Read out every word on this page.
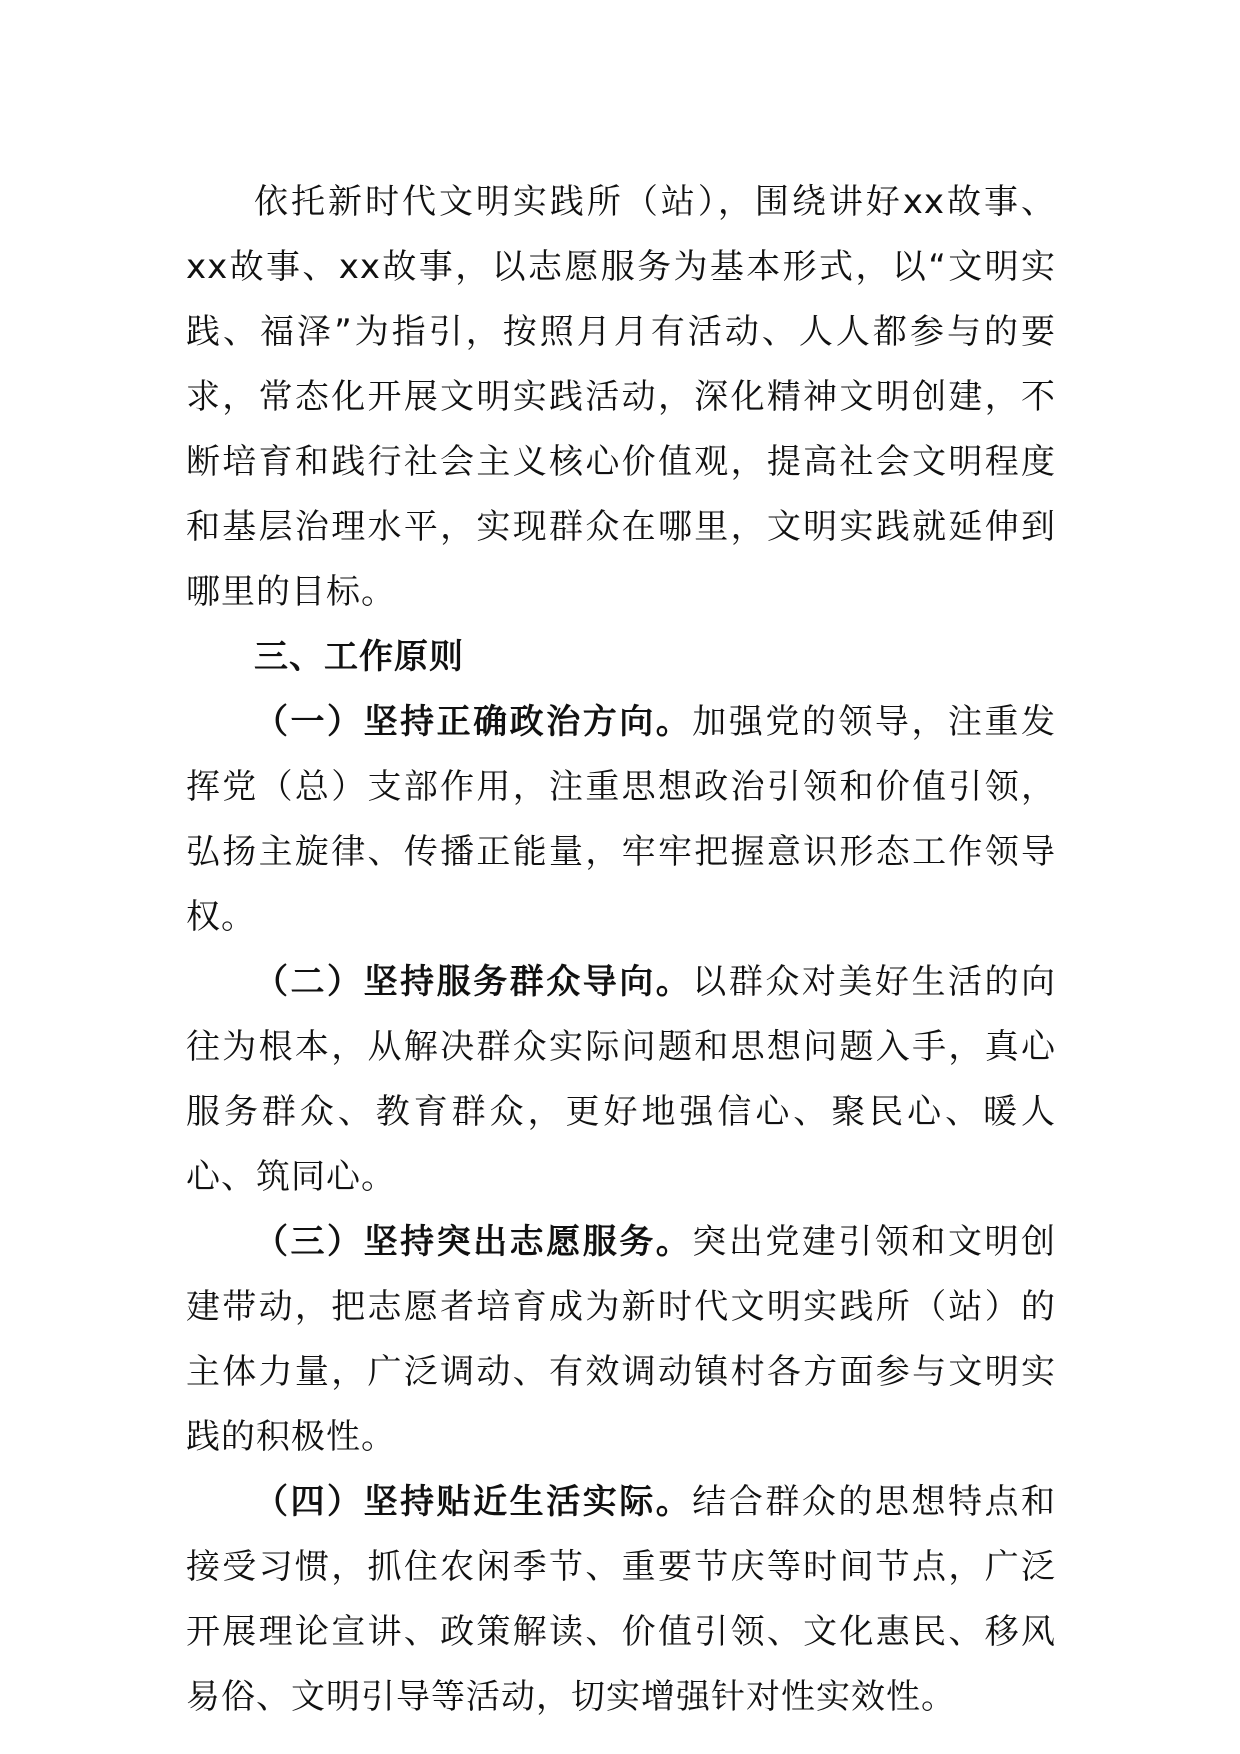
依托新时代文明实践所（站），围绕讲好xx故事、xx故事、xx故事，以志愿服务为基本形式，以“文明实践、福泽”为指引，按照月月有活动、人人都参与的要求，常态化开展文明实践活动，深化精神文明创建，不断培育和践行社会主义核心价值观，提高社会文明程度和基层治理水平，实现群众在哪里，文明实践就延伸到哪里的目标。

三、工作原则

（一）坚持正确政治方向。加强党的领导，注重发挥党（总）支部作用，注重思想政治引领和价值引领，弘扬主旋律、传播正能量，牢牢把握意识形态工作领导权。

（二）坚持服务群众导向。以群众对美好生活的向往为根本，从解决群众实际问题和思想问题入手，真心服务群众、教育群众，更好地强信心、聚民心、暖人心、筑同心。

（三）坚持突出志愿服务。突出党建引领和文明创建带动，把志愿者培育成为新时代文明实践所（站）的主体力量，广泛调动、有效调动镇村各方面参与文明实践的积极性。

（四）坚持贴近生活实际。结合群众的思想特点和接受习惯，抓住农闲季节、重要节庆等时间节点，广泛开展理论宣讲、政策解读、价值引领、文化惠民、移风易俗、文明引导等活动，切实增强针对性实效性。
